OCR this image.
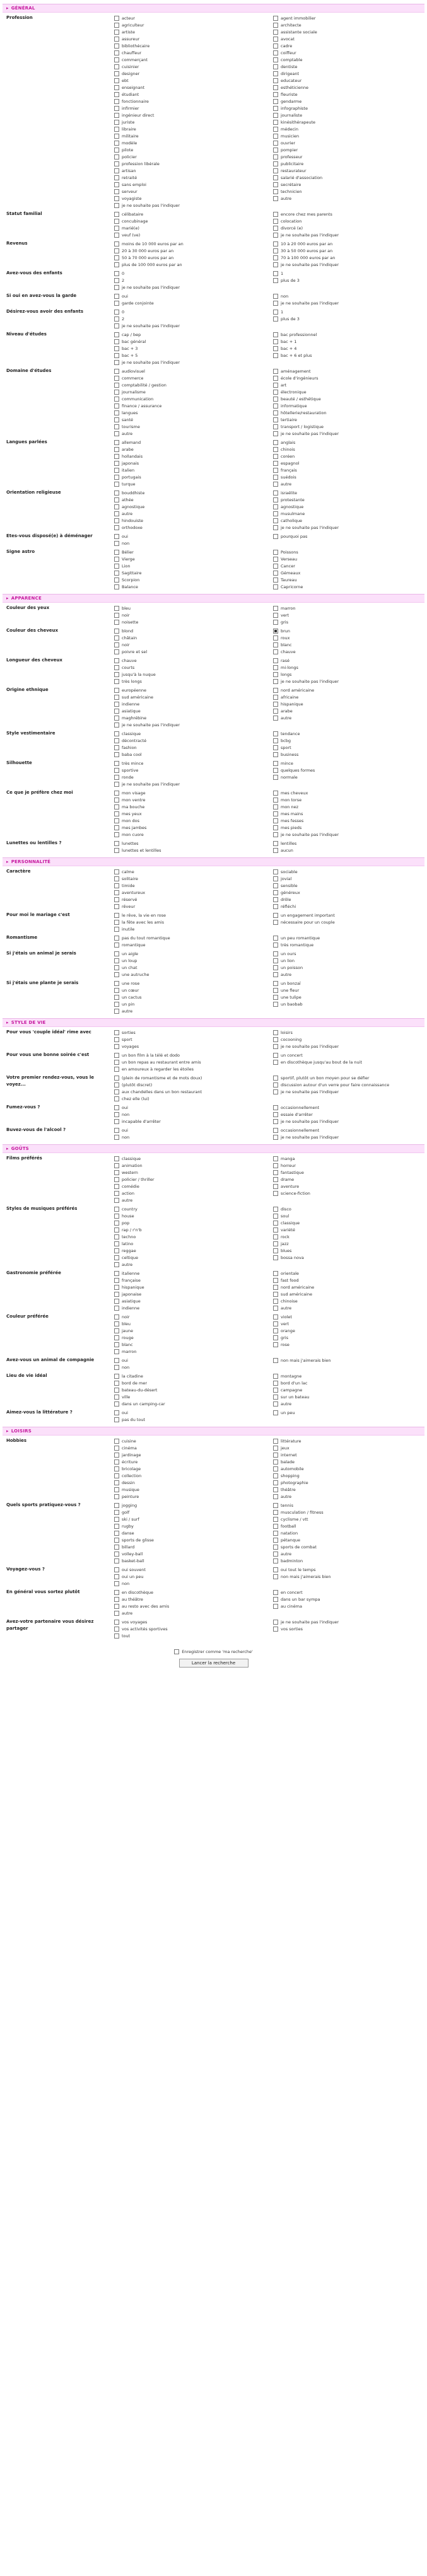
▸ GÉNÉRAL
Profession	acteur	agent immobilier
agriculteur	architecte
artiste	assistante sociale
assureur	avocat
bibliothécaire	cadre
chauffeur	coiffeur
commerçant	comptable
cuisinier	dentiste
designer	dirigeant
ebt	educateur
enseignant	esthéticienne
étudiant	fleuriste
fonctionnaire	gendarme
infirmier	infographiste
ingénieur direct	journaliste
juriste	kinésithérapeute
libraire	médecin
militaire	musicien
modèle	ouvrier
pilote	pompier
policier	professeur
profession libérale	publicitaire
artisan	restaurateur
retraité	salarié d'association
sans emploi	secrétaire
serveur	technicien
voyagiste	autre
je ne souhaite pas l'indiquer
Statut familial	célibataire	encore chez mes parents
concubinage	colocation
marié(e)	divorcé (e)
veuf (ve)	je ne souhaite pas l'indiquer
Revenus	moins de 10 000 euros par an	10 à 20 000 euros par an
20 à 30 000 euros par an	30 à 50 000 euros par an
50 à 70 000 euros par an	70 à 100 000 euros par an
plus de 100 000 euros par an	je ne souhaite pas l'indiquer
Avez-vous des enfants	0	1
2	plus de 3
je ne souhaite pas l'indiquer
Si oui en avez-vous la garde	oui	non
garde conjointe	je ne souhaite pas l'indiquer
Désirez-vous avoir des enfants	0	1
2	plus de 3
je ne souhaite pas l'indiquer
Niveau d'études	cap / bep	bac professionnel
bac général	bac + 1
bac + 3	bac + 4
bac + 5	bac + 6 et plus
je ne souhaite pas l'indiquer
Domaine d'études	audiovisuel	aménagement
commerce	école d'ingénieurs
comptabilité / gestion	art
journalisme	électronique
communication	beauté / esthétique
finance / assurance	informatique
langues	hôtellerie/restauration
santé	tertiaire
tourisme	transport / logistique
autre	je ne souhaite pas l'indiquer
Langues parlées	allemand	anglais
arabe	chinois
hollandais	coréen
japonais	espagnol
italien	français
portugais	suédois
turque	autre
Orientation religieuse	bouddhiste	israélite
athée	protestante
agnostique	agnostique
autre	musulmane
hindouiste	catholique
orthodoxe	je ne souhaite pas l'indiquer
Etes-vous disposé(e) à déménager	oui	pourquoi pas
non
Signe astro	Bélier	Poissons
Vierge	Verseau
Lion	Cancer
Sagittaire	Gémeaux
Scorpion	Taureau
Balance	Capricorne
▸ APPARENCE
Couleur des yeux	bleu	marron
noir	vert
noisette	gris
Couleur des cheveux	blond	brun
châtain	roux
noir	blanc
poivre et sel	chauve
Longueur des cheveux	chauve	rasé
courts	mi-longs
jusqu'à la nuque	longs
très longs	je ne souhaite pas l'indiquer
Origine ethnique	européenne	nord américaine
sud américaine	africaine
indienne	hispanique
asiatique	arabe
maghrébine	autre
je ne souhaite pas l'indiquer
Style vestimentaire	classique	tendance
décontracté	bcbg
fashion	sport
baba cool	business
Silhouette	très mince	mince
sportive	quelques formes
ronde	normale
je ne souhaite pas l'indiquer
Ce que je préfère chez moi	mon visage	mes cheveux
mon ventre	mon torse
ma bouche	mon nez
mes yeux	mes mains
mon dos	mes fesses
mes jambes	mes pieds
mon cuore	je ne souhaite pas l'indiquer
Lunettes ou lentilles ?	lunettes	lentilles
lunettes et lentilles	aucun
▸ PERSONNALITÉ
Caractère	calme	sociable
solitaire	jovial
timide	sensible
aventureux	généreux
réservé	drôle
rêveur	réfléchi
Pour moi le mariage c'est	le rêve, la vie en rose	un engagement important
la fête avec les amis	nécessaire pour un couple
inutile
Romantisme	pas du tout romantique	un peu romantique
romantique	très romantique
Si j'étais un animal je serais	un aigle	un ours
un loup	un lion
un chat	un poisson
une autruche	autre
Si j'étais une plante je serais	une rose	un bonzaï
un cœur	une fleur
un cactus	une tulipe
un pin	un baobab
autre
▸ STYLE DE VIE
Pour vous 'couple idéal' rime avec	sorties	loisirs
sport	cocooning
voyages	je ne souhaite pas l'indiquer
Pour vous une bonne soirée c'est	un bon film à la télé et dodo	un concert
un bon repas au restaurant entre amis	en discothèque jusqu'au bout de la nuit
en amoureux à regarder les étoiles
Votre premier rendez-vous, vous le voyez...
(plein de romantisme et de mots doux)	sportif, plutôt un bon moyen pour se défier
(plutôt discret)	discussion autour d'un verre pour faire connaissance
aux chandelles dans un bon restaurant	je ne souhaite pas l'indiquer
chez elle (lui)
Fumez-vous ?	oui	occasionnellement
non	essaie d'arrêter
incapable d'arrêter	je ne souhaite pas l'indiquer
Buvez-vous de l'alcool ?	oui	occasionnellement
non	je ne souhaite pas l'indiquer
▸ GOÛTS
Films préférés	classique	manga
animation	horreur
western	fantastique
policier / thriller	drame
comédie	aventure
action	science-fiction
autre
Styles de musiques préférés	country	disco
house	soul
pop	classique
rap / r'n'b	variété
techno	rock
latino	jazz
reggae	blues
celtique	bossa nova
autre
Gastronomie préférée	italienne	orientale
française	fast food
hispanique	nord américaine
japonaise	sud américaine
asiatique	chinoise
indienne	autre
Couleur préférée	noir	violet
bleu	vert
jaune	orange
rouge	gris
blanc	rose
marron
Avez-vous un animal de compagnie	oui	non mais j'aimerais bien
non
Lieu de vie idéal	la citadine	montagne
bord de mer	bord d'un lac
bateau-du-désert	campagne
ville	sur un bateau
dans un camping-car	autre
Aimez-vous la littérature ?	oui	un peu
pas du tout
▸ LOISIRS
Hobbies	cuisine	littérature
cinéma	jeux
jardinage	internet
écriture	balade
bricolage	automobile
collection	shopping
dessin	photographie
musique	théâtre
peinture	autre
Quels sports pratiquez-vous ?	jogging	tennis
golf	musculation / fitness
ski / surf	cyclisme / vtt
rugby	football
danse	natation
sports de glisse	pétanque
billard	sports de combat
volley-ball	autre
basket-ball	badminton
Voyagez-vous ?	oui souvent	oui tout le temps
oui un peu	non mais j'aimerais bien
non
En général vous sortez plutôt	en discothèque	en concert
au théâtre	dans un bar sympa
au resto avec des amis	au cinéma
autre
Avez-votre partenaire vous désirez partager
vos voyages	je ne souhaite pas l'indiquer
vos activités sportives	vos sorties
tout
Enregistrer comme 'ma recherche'
Lancer la recherche
